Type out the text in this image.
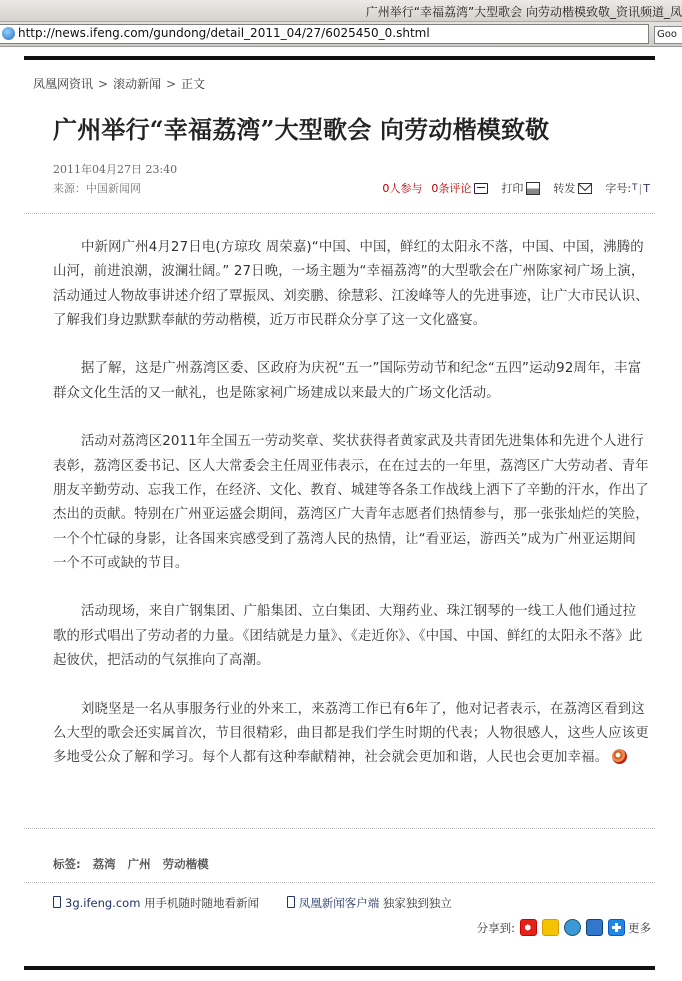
广州举行“幸福荔湾”大型歌会 向劳动楷模致敬_资讯频道_凤
http://news.ifeng.com/gundong/detail_2011_04/27/6025450_0.shtml	Goo
凤凰网资讯 > 滚动新闻 > 正文
广州举行“幸福荔湾”大型歌会 向劳动楷模致敬
2011年04月27日 23:40
来源：中国新闻网	0人参与 0条评论	打印	转发	字号: T | T

中新网广州4月27日电(方琼玫 周荣嘉)“中国、中国，鲜红的太阳永不落，中国、中国，沸腾的山河，前进浪潮，波澜壮阔。” 27日晚，一场主题为“幸福荔湾”的大型歌会在广州陈家祠广场上演，活动通过人物故事讲述介绍了覃振凤、刘奕鹏、徐慧彩、江浚峰等人的先进事迹，让广大市民认识、了解我们身边默默奉献的劳动楷模，近万市民群众分享了这一文化盛宴。

据了解，这是广州荔湾区委、区政府为庆祝“五一”国际劳动节和纪念“五四”运动92周年，丰富群众文化生活的又一献礼，也是陈家祠广场建成以来最大的广场文化活动。

活动对荔湾区2011年全国五一劳动奖章、奖状获得者黄家武及共青团先进集体和先进个人进行表彰，荔湾区委书记、区人大常委会主任周亚伟表示，在在过去的一年里，荔湾区广大劳动者、青年朋友辛勤劳动、忘我工作，在经济、文化、教育、城建等各条工作战线上洒下了辛勤的汗水，作出了杰出的贡献。特别在广州亚运盛会期间，荔湾区广大青年志愿者们热情参与，那一张张灿烂的笑脸，一个个忙碌的身影，让各国来宾感受到了荔湾人民的热情，让“看亚运，游西关”成为广州亚运期间一个不可或缺的节目。

活动现场，来自广钢集团、广船集团、立白集团、大翔药业、珠江钢琴的一线工人他们通过拉歌的形式唱出了劳动者的力量。《团结就是力量》、《走近你》、《中国、中国、鲜红的太阳永不落》此起彼伏，把活动的气氛推向了高潮。

刘晓坚是一名从事服务行业的外来工，来荔湾工作已有6年了，他对记者表示，在荔湾区看到这么大型的歌会还实属首次，节目很精彩，曲目都是我们学生时期的代表；人物很感人，这些人应该更多地受公众了解和学习。每个人都有这种奉献精神，社会就会更加和谐，人民也会更加幸福。

标签: 荔湾 广州 劳动楷模
3g.ifeng.com 用手机随时随地看新闻	凤凰新闻客户端 独家独到独立
分享到:	更多
